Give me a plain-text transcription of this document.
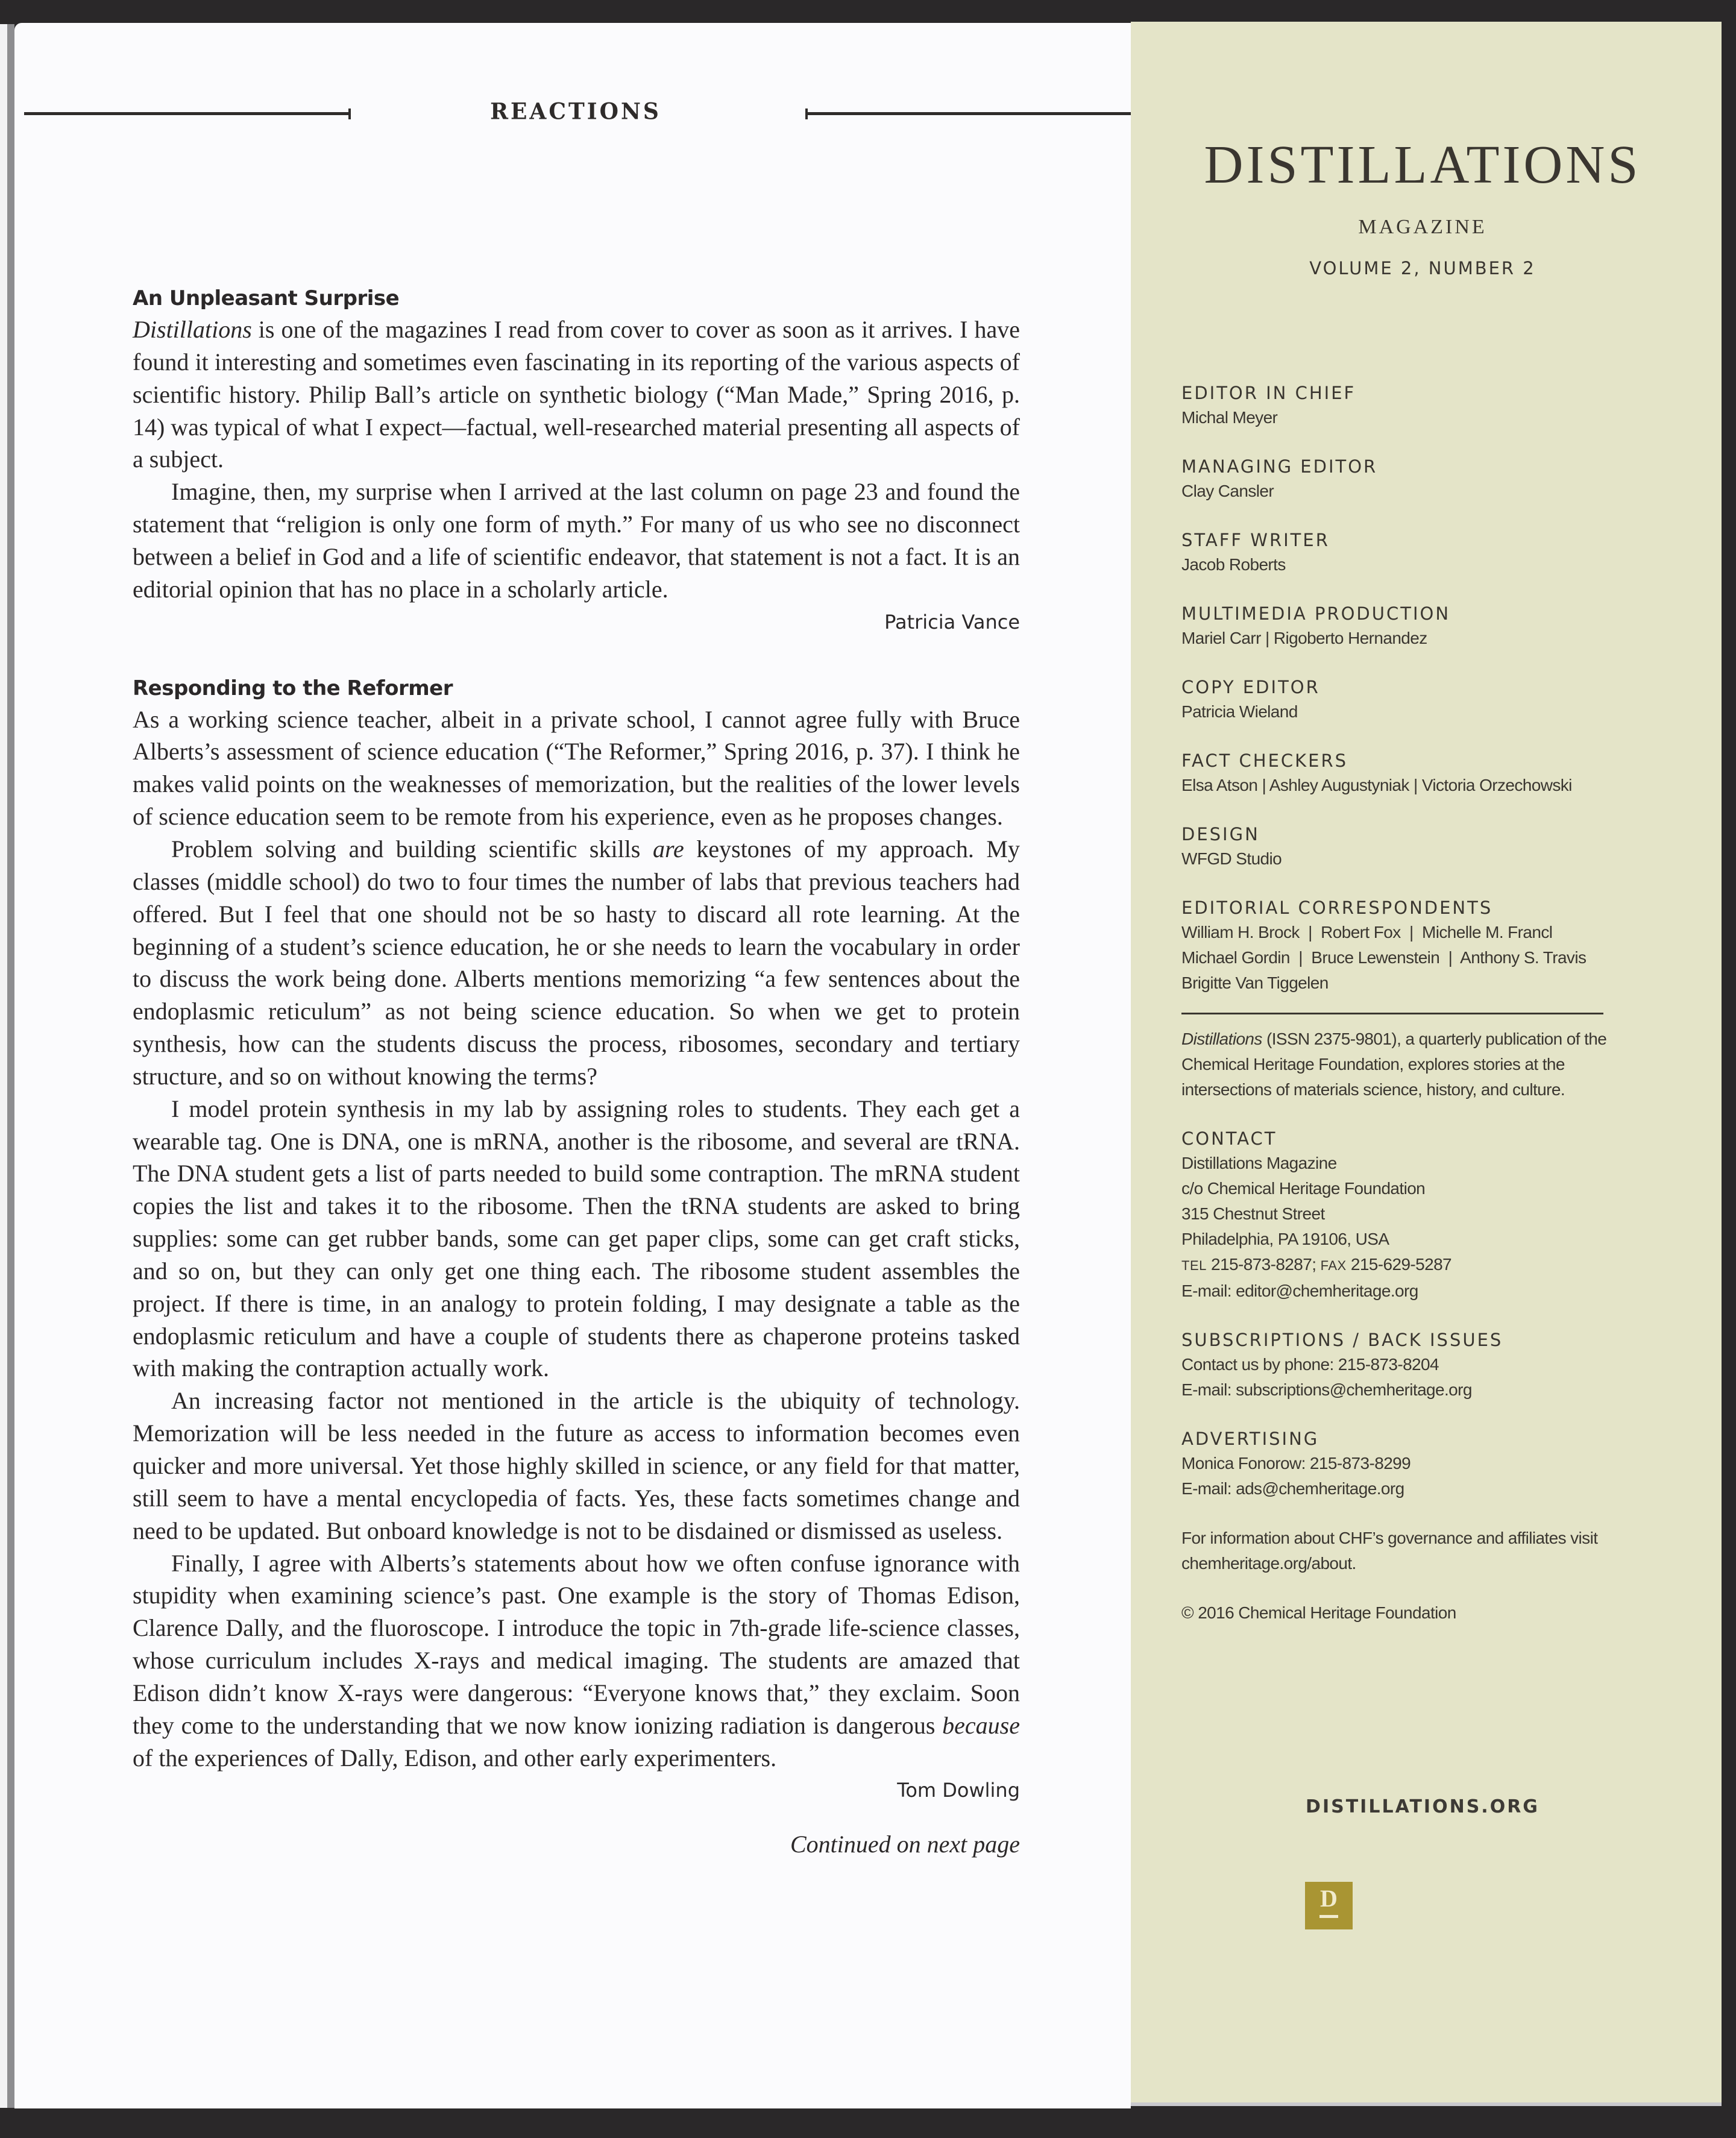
REACTIONS
An Unpleasant Surprise

Distillations is one of the magazines I read from cover to cover as soon as it arrives. I have found it interesting and sometimes even fascinating in its reporting of the various aspects of scientific history. Philip Ball’s article on synthetic biology (“Man Made,” Spring 2016, p. 14) was typical of what I expect—factual, well-researched material presenting all aspects of a subject.

Imagine, then, my surprise when I arrived at the last column on page 23 and found the statement that “religion is only one form of myth.” For many of us who see no disconnect between a belief in God and a life of scientific endeavor, that statement is not a fact. It is an editorial opinion that has no place in a scholarly article.

Patricia Vance
Responding to the Reformer

As a working science teacher, albeit in a private school, I cannot agree fully with Bruce Alberts’s assessment of science education (“The Reformer,” Spring 2016, p. 37). I think he makes valid points on the weaknesses of memorization, but the realities of the lower levels of science education seem to be remote from his experience, even as he proposes changes.

Problem solving and building scientific skills are keystones of my approach. My classes (middle school) do two to four times the number of labs that previous teachers had offered. But I feel that one should not be so hasty to discard all rote learning. At the beginning of a student’s science education, he or she needs to learn the vocabulary in order to discuss the work being done. Alberts mentions memorizing “a few sentences about the endoplasmic reticulum” as not being science education. So when we get to protein synthesis, how can the students discuss the process, ribosomes, secondary and tertiary structure, and so on without knowing the terms?

I model protein synthesis in my lab by assigning roles to students. They each get a wearable tag. One is DNA, one is mRNA, another is the ribosome, and several are tRNA. The DNA student gets a list of parts needed to build some contraption. The mRNA student copies the list and takes it to the ribosome. Then the tRNA students are asked to bring supplies: some can get rubber bands, some can get paper clips, some can get craft sticks, and so on, but they can only get one thing each. The ribosome student assembles the project. If there is time, in an analogy to protein folding, I may designate a table as the endoplasmic reticulum and have a couple of students there as chaperone proteins tasked with making the contraption actually work.

An increasing factor not mentioned in the article is the ubiquity of technology. Memorization will be less needed in the future as access to information becomes even quicker and more universal. Yet those highly skilled in science, or any field for that matter, still seem to have a mental encyclopedia of facts. Yes, these facts sometimes change and need to be updated. But onboard knowledge is not to be disdained or dismissed as useless.

Finally, I agree with Alberts’s statements about how we often confuse ignorance with stupidity when examining science’s past. One example is the story of Thomas Edison, Clarence Dally, and the fluoroscope. I introduce the topic in 7th-grade life-science classes, whose curriculum includes X-rays and medical imaging. The students are amazed that Edison didn’t know X-rays were dangerous: “Everyone knows that,” they exclaim. Soon they come to the understanding that we now know ionizing radiation is dangerous because of the experiences of Dally, Edison, and other early experimenters.

Tom Dowling
Continued on next page
DISTILLATIONS
MAGAZINE
VOLUME 2, NUMBER 2
EDITOR IN CHIEF
Michal Meyer
MANAGING EDITOR
Clay Cansler
STAFF WRITER
Jacob Roberts
MULTIMEDIA PRODUCTION
Mariel Carr | Rigoberto Hernandez
COPY EDITOR
Patricia Wieland
FACT CHECKERS
Elsa Atson | Ashley Augustyniak | Victoria Orzechowski
DESIGN
WFGD Studio
EDITORIAL CORRESPONDENTS
William H. Brock  |  Robert Fox  |  Michelle M. Francl
Michael Gordin  |  Bruce Lewenstein  |  Anthony S. Travis
Brigitte Van Tiggelen
Distillations (ISSN 2375-9801), a quarterly publication of the Chemical Heritage Foundation, explores stories at the intersections of materials science, history, and culture.
CONTACT
Distillations Magazine
c/o Chemical Heritage Foundation
315 Chestnut Street
Philadelphia, PA 19106, USA
TEL 215-873-8287; FAX 215-629-5287
E-mail: editor@chemheritage.org
SUBSCRIPTIONS / BACK ISSUES
Contact us by phone: 215-873-8204
E-mail: subscriptions@chemheritage.org
ADVERTISING
Monica Fonorow: 215-873-8299
E-mail: ads@chemheritage.org
For information about CHF’s governance and affiliates visit chemheritage.org/about.
© 2016 Chemical Heritage Foundation
DISTILLATIONS.ORG
D
